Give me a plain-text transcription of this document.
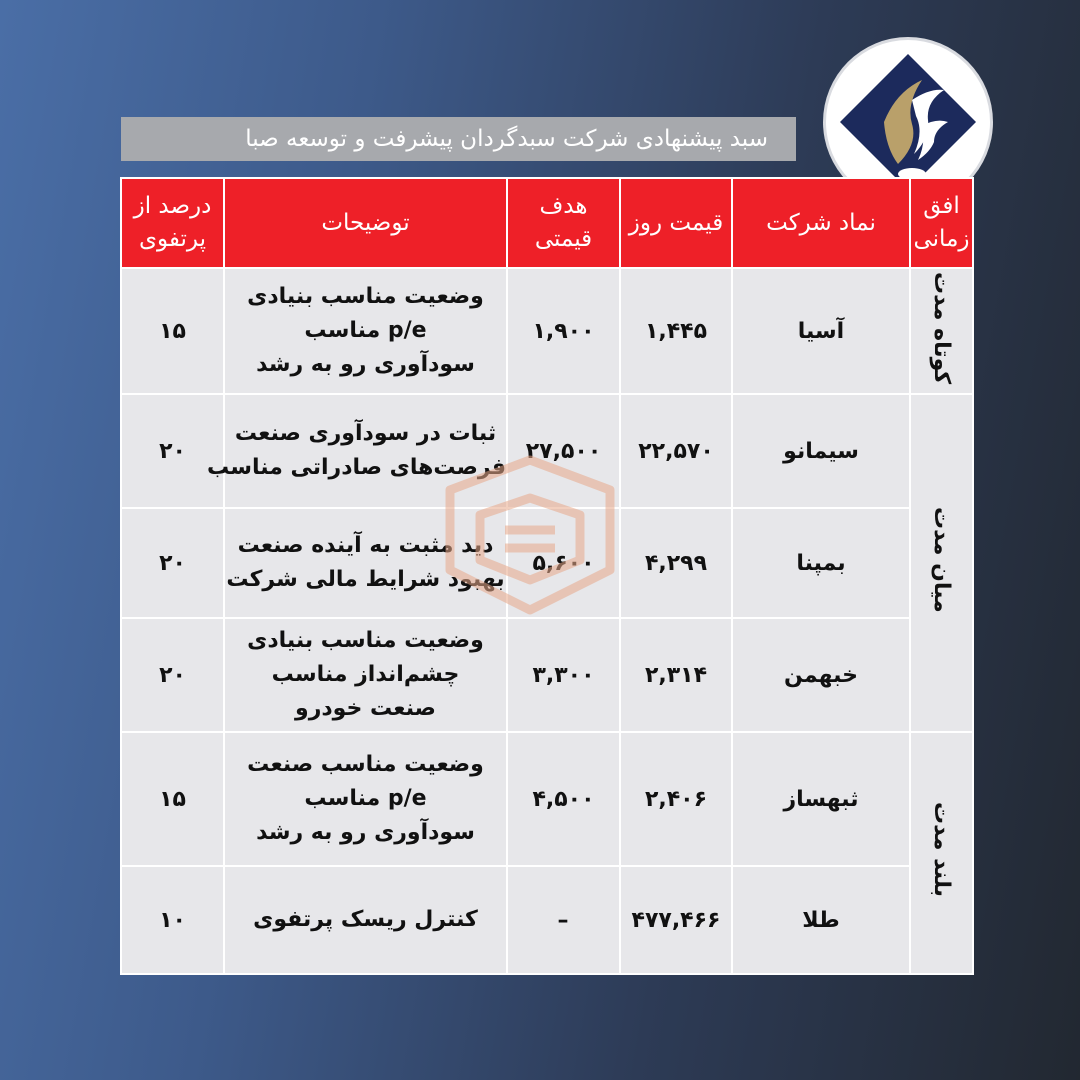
سبد پیشنهادی شرکت سبدگردان پیشرفت و توسعه صبا
افق زمانی	نماد شرکت	قیمت روز	هدف قیمتی	توضیحات	درصد از پرتفوی
کوتاه مدت	آسیا	۱,۴۴۵	۱,۹۰۰	وضعیت مناسب بنیادی
p/e مناسب
سودآوری رو به رشد	۱۵
میان مدت	سیمانو	۲۲,۵۷۰	۲۷,۵۰۰	ثبات در سودآوری صنعت
فرصت‌های صادراتی مناسب	۲۰
	بمپنا	۴,۲۹۹	۵,۶۰۰	دید مثبت به آینده صنعت
بهبود شرایط مالی شرکت	۲۰
	خبهمن	۲,۳۱۴	۳,۳۰۰	وضعیت مناسب بنیادی
چشم‌انداز مناسب
صنعت خودرو	۲۰
بلند مدت	ثبهساز	۲,۴۰۶	۴,۵۰۰	وضعیت مناسب صنعت
p/e مناسب
سودآوری رو به رشد	۱۵
	طلا	۴۷۷,۴۶۶	–	کنترل ریسک پرتفوی	۱۰
